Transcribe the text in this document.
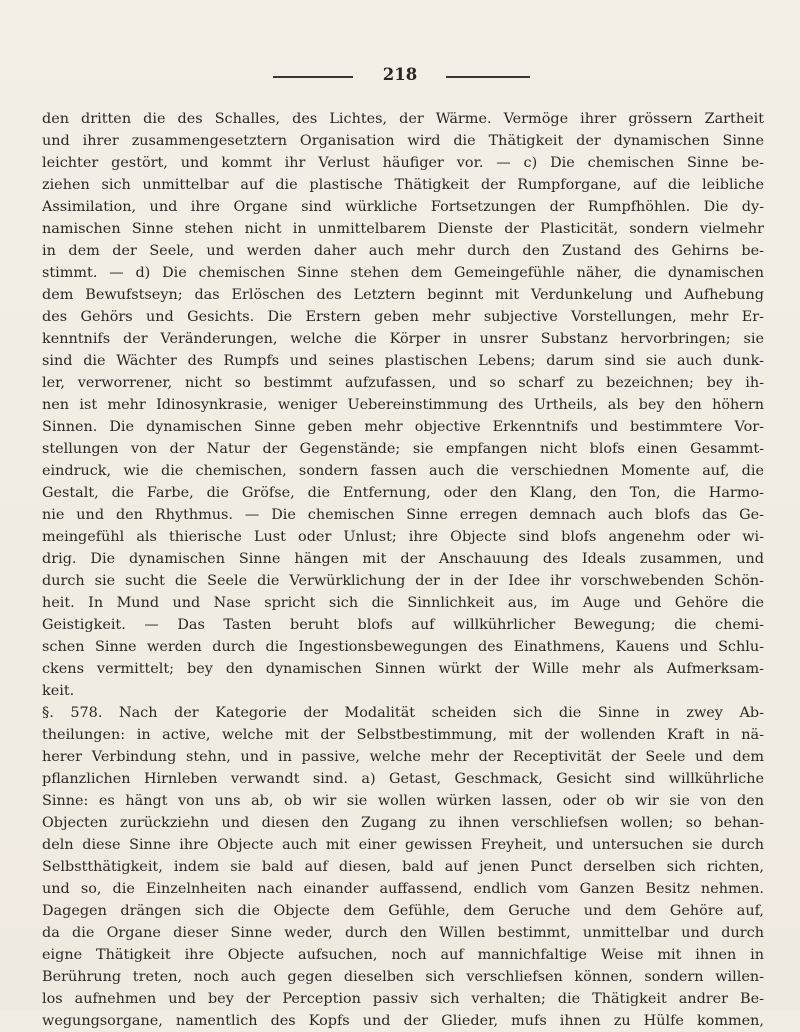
218
den dritten die des Schalles, des Lichtes, der Wärme. Vermöge ihrer grössern Zartheit
und ihrer zusammengesetztern Organisation wird die Thätigkeit der dynamischen Sinne
leichter gestört, und kommt ihr Verlust häufiger vor. — c) Die chemischen Sinne be-
ziehen sich unmittelbar auf die plastische Thätigkeit der Rumpforgane, auf die leibliche
Assimilation, und ihre Organe sind würkliche Fortsetzungen der Rumpfhöhlen. Die dy-
namischen Sinne stehen nicht in unmittelbarem Dienste der Plasticität, sondern vielmehr
in dem der Seele, und werden daher auch mehr durch den Zustand des Gehirns be-
stimmt. — d) Die chemischen Sinne stehen dem Gemeingefühle näher, die dynamischen
dem Bewufstseyn; das Erlöschen des Letztern beginnt mit Verdunkelung und Aufhebung
des Gehörs und Gesichts. Die Erstern geben mehr subjective Vorstellungen, mehr Er-
kenntnifs der Veränderungen, welche die Körper in unsrer Substanz hervorbringen; sie
sind die Wächter des Rumpfs und seines plastischen Lebens; darum sind sie auch dunk-
ler, verworrener, nicht so bestimmt aufzufassen, und so scharf zu bezeichnen; bey ih-
nen ist mehr Idinosynkrasie, weniger Uebereinstimmung des Urtheils, als bey den höhern
Sinnen. Die dynamischen Sinne geben mehr objective Erkenntnifs und bestimmtere Vor-
stellungen von der Natur der Gegenstände; sie empfangen nicht blofs einen Gesammt-
eindruck, wie die chemischen, sondern fassen auch die verschiednen Momente auf, die
Gestalt, die Farbe, die Gröfse, die Entfernung, oder den Klang, den Ton, die Harmo-
nie und den Rhythmus. — Die chemischen Sinne erregen demnach auch blofs das Ge-
meingefühl als thierische Lust oder Unlust; ihre Objecte sind blofs angenehm oder wi-
drig. Die dynamischen Sinne hängen mit der Anschauung des Ideals zusammen, und
durch sie sucht die Seele die Verwürklichung der in der Idee ihr vorschwebenden Schön-
heit. In Mund und Nase spricht sich die Sinnlichkeit aus, im Auge und Gehöre die
Geistigkeit. — Das Tasten beruht blofs auf willkührlicher Bewegung; die chemi-
schen Sinne werden durch die Ingestionsbewegungen des Einathmens, Kauens und Schlu-
ckens vermittelt; bey den dynamischen Sinnen würkt der Wille mehr als Aufmerksam-
keit.
§. 578. Nach der Kategorie der Modalität scheiden sich die Sinne in zwey Ab-
theilungen: in active, welche mit der Selbstbestimmung, mit der wollenden Kraft in nä-
herer Verbindung stehn, und in passive, welche mehr der Receptivität der Seele und dem
pflanzlichen Hirnleben verwandt sind. a) Getast, Geschmack, Gesicht sind willkührliche
Sinne: es hängt von uns ab, ob wir sie wollen würken lassen, oder ob wir sie von den
Objecten zurückziehn und diesen den Zugang zu ihnen verschliefsen wollen; so behan-
deln diese Sinne ihre Objecte auch mit einer gewissen Freyheit, und untersuchen sie durch
Selbstthätigkeit, indem sie bald auf diesen, bald auf jenen Punct derselben sich richten,
und so, die Einzelnheiten nach einander auffassend, endlich vom Ganzen Besitz nehmen.
Dagegen drängen sich die Objecte dem Gefühle, dem Geruche und dem Gehöre auf,
da die Organe dieser Sinne weder, durch den Willen bestimmt, unmittelbar und durch
eigne Thätigkeit ihre Objecte aufsuchen, noch auf mannichfaltige Weise mit ihnen in
Berührung treten, noch auch gegen dieselben sich verschliefsen können, sondern willen-
los aufnehmen und bey der Perception passiv sich verhalten; die Thätigkeit andrer Be-
wegungsorgane, namentlich des Kopfs und der Glieder, mufs ihnen zu Hülfe kommen,
